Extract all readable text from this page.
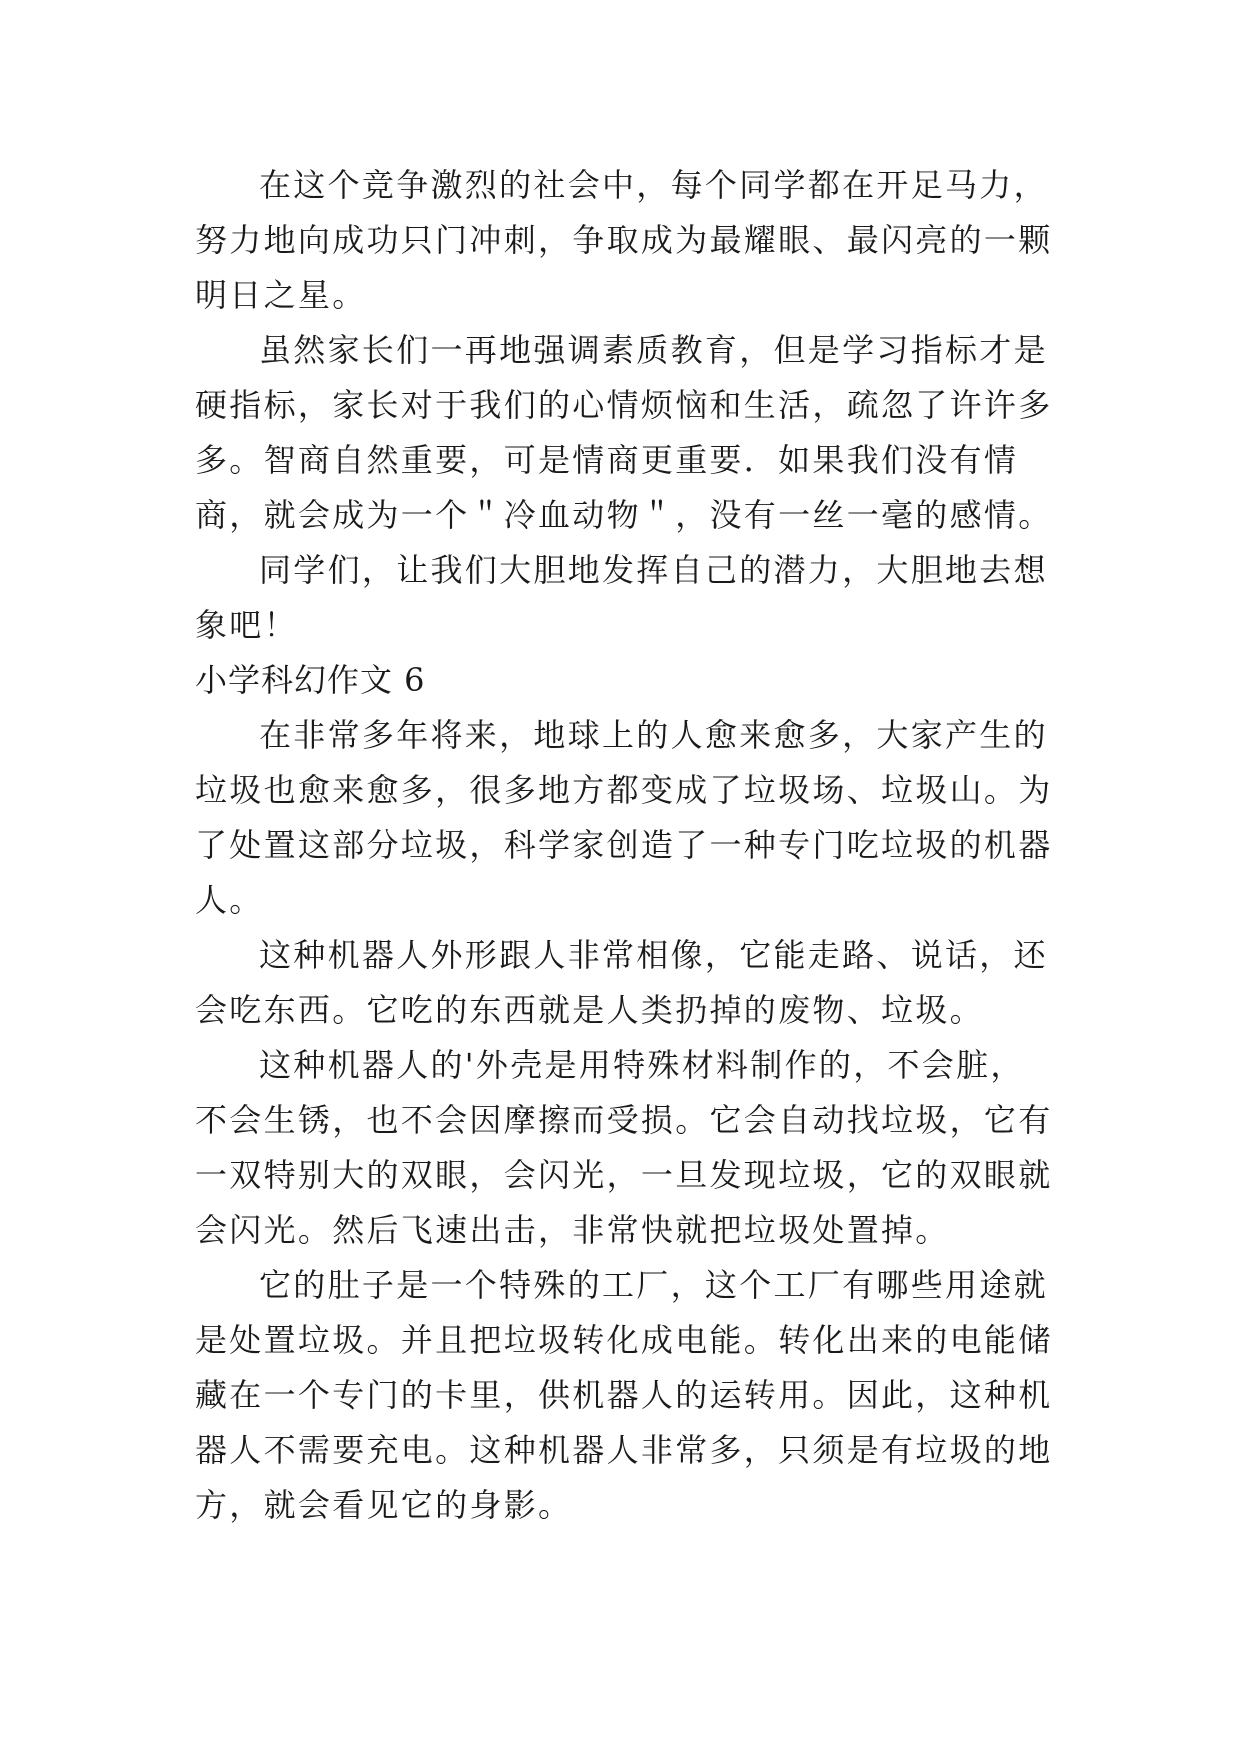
在这个竞争激烈的社会中，每个同学都在开足马力，努力地向成功只门冲刺，争取成为最耀眼、最闪亮的一颗明日之星。

虽然家长们一再地强调素质教育，但是学习指标才是硬指标，家长对于我们的心情烦恼和生活，疏忽了许许多多。智商自然重要，可是情商更重要．如果我们没有情商，就会成为一个＂冷血动物＂，没有一丝一毫的感情。

同学们，让我们大胆地发挥自己的潜力，大胆地去想象吧！

小学科幻作文 6

在非常多年将来，地球上的人愈来愈多，大家产生的垃圾也愈来愈多，很多地方都变成了垃圾场、垃圾山。为了处置这部分垃圾，科学家创造了一种专门吃垃圾的机器人。

这种机器人外形跟人非常相像，它能走路、说话，还会吃东西。它吃的东西就是人类扔掉的废物、垃圾。

这种机器人的'外壳是用特殊材料制作的，不会脏，不会生锈，也不会因摩擦而受损。它会自动找垃圾，它有一双特别大的双眼，会闪光，一旦发现垃圾，它的双眼就会闪光。然后飞速出击，非常快就把垃圾处置掉。

它的肚子是一个特殊的工厂，这个工厂有哪些用途就是处置垃圾。并且把垃圾转化成电能。转化出来的电能储藏在一个专门的卡里，供机器人的运转用。因此，这种机器人不需要充电。这种机器人非常多，只须是有垃圾的地方，就会看见它的身影。
